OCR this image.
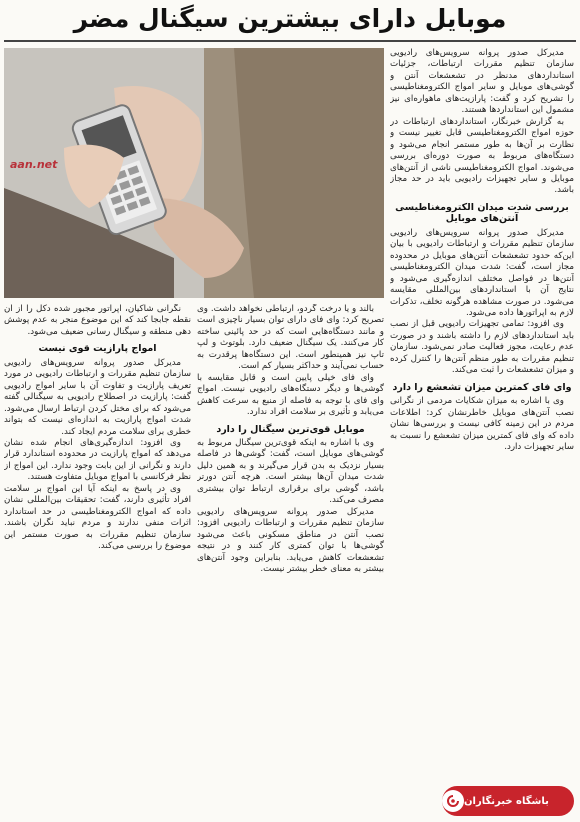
موبایل دارای بیشترین سیگنال مضر
aan.net

مدیرکل صدور پروانه سرویس‌های رادیویی سازمان تنظیم مقررات ارتباطات، جزئیات استانداردهای مدنظر در تشعشعات آنتن و گوشی‌های موبایل و سایر امواج الکترومغناطیسی را تشریح کرد و گفت: پارازیت‌های ماهواره‌ای نیز مشمول این استانداردها هستند.

به گزارش خبرنگار، استانداردهای ارتباطات در حوزه امواج الکترومغناطیسی قابل تغییر نیست و نظارت بر آن‌ها به طور مستمر انجام می‌شود و دستگاه‌های مربوط به صورت دوره‌ای بررسی می‌شوند. امواج الکترومغناطیسی ناشی از آنتن‌های موبایل و سایر تجهیزات رادیویی باید در حد مجاز باشد.

بررسی شدت میدان الکترومغناطیسی آنتن‌های موبایل

مدیرکل صدور پروانه سرویس‌های رادیویی سازمان تنظیم مقررات و ارتباطات رادیویی با بیان این‌که حدود تشعشعات آنتن‌های موبایل در محدوده مجاز است، گفت: شدت میدان الکترومغناطیسی آنتن‌ها در فواصل مختلف اندازه‌گیری می‌شود و نتایج آن با استانداردهای بین‌المللی مقایسه می‌شود. در صورت مشاهده هرگونه تخلف، تذکرات لازم به اپراتورها داده می‌شود.

وی افزود: تمامی تجهیزات رادیویی قبل از نصب باید استانداردهای لازم را داشته باشند و در صورت عدم رعایت، مجوز فعالیت صادر نمی‌شود. سازمان تنظیم مقررات به طور منظم آنتن‌ها را کنترل کرده و میزان تشعشعات را ثبت می‌کند.

وای فای کمترین میزان تشعشع را دارد

وی با اشاره به میزان شکایات مردمی از نگرانی نصب آنتن‌های موبایل خاطرنشان کرد: اطلاعات مردم در این زمینه کافی نیست و بررسی‌ها نشان داده که وای فای کمترین میزان تشعشع را نسبت به سایر تجهیزات دارد.

بالند و یا درخت گردو، ارتباطی نخواهد داشت. وی تصریح کرد: وای فای دارای توان بسیار ناچیزی است و مانند دستگاه‌هایی است که در حد پائینی ساخته کار می‌کنند. یک سیگنال ضعیف دارد. بلوتوث و لپ تاپ نیز همینطور است. این دستگاه‌ها پرقدرت به حساب نمی‌آیند و حداکثر بسیار کم است.

وای فای خیلی پایین است و قابل مقایسه با گوشی‌ها و دیگر دستگاه‌های رادیویی نیست. امواج وای فای با توجه به فاصله از منبع به سرعت کاهش می‌یابد و تأثیری بر سلامت افراد ندارد.

موبایل قوی‌ترین سیگنال را دارد

وی با اشاره به اینکه قوی‌ترین سیگنال مربوط به گوشی‌های موبایل است، گفت: گوشی‌ها در فاصله بسیار نزدیک به بدن قرار می‌گیرند و به همین دلیل شدت میدان آن‌ها بیشتر است. هرچه آنتن دورتر باشد، گوشی برای برقراری ارتباط توان بیشتری مصرف می‌کند.

مدیرکل صدور پروانه سرویس‌های رادیویی سازمان تنظیم مقررات و ارتباطات رادیویی افزود: نصب آنتن در مناطق مسکونی باعث می‌شود گوشی‌ها با توان کمتری کار کنند و در نتیجه تشعشعات کاهش می‌یابد. بنابراین وجود آنتن‌های بیشتر به معنای خطر بیشتر نیست.

نگرانی شاکیان، اپراتور مجبور شده دکل را از آن نقطه جابجا کند که این موضوع منجر به عدم پوشش دهی منطقه و سیگنال رسانی ضعیف می‌شود.

امواج پارازیت قوی نیست

مدیرکل صدور پروانه سرویس‌های رادیویی سازمان تنظیم مقررات و ارتباطات رادیویی در مورد تعریف پارازیت و تفاوت آن با سایر امواج رادیویی گفت: پارازیت در اصطلاح رادیویی به سیگنالی گفته می‌شود که برای مختل کردن ارتباط ارسال می‌شود. شدت امواج پارازیت به اندازه‌ای نیست که بتواند خطری برای سلامت مردم ایجاد کند.

وی افزود: اندازه‌گیری‌های انجام شده نشان می‌دهد که امواج پارازیت در محدوده استاندارد قرار دارند و نگرانی از این بابت وجود ندارد. این امواج از نظر فرکانسی با امواج موبایل متفاوت هستند.

وی در پاسخ به اینکه آیا این امواج بر سلامت افراد تأثیری دارند، گفت: تحقیقات بین‌المللی نشان داده که امواج الکترومغناطیسی در حد استاندارد اثرات منفی ندارند و مردم نباید نگران باشند. سازمان تنظیم مقررات به صورت مستمر این موضوع را بررسی می‌کند.

باشگاه خبرنگاران
